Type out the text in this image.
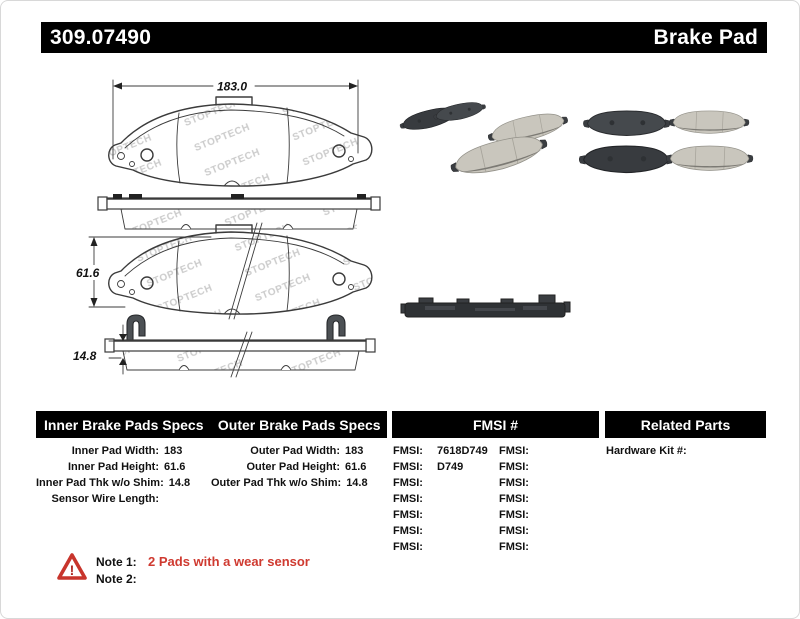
309.07490	Brake Pad
183.0
61.6
14.8
Inner Brake Pads Specs	Outer Brake Pads Specs	FMSI #	Related Parts
Inner Pad Width: 183
Inner Pad Height: 61.6
Inner Pad Thk w/o Shim: 14.8
Sensor Wire Length:
Outer Pad Width: 183
Outer Pad Height: 61.6
Outer Pad Thk w/o Shim: 14.8
FMSI:	7618D749
FMSI:	D749
FMSI:
FMSI:
FMSI:
FMSI:
FMSI:
FMSI:
FMSI:
FMSI:
FMSI:
FMSI:
FMSI:
FMSI:
Hardware Kit #:
! Note 1: 2 Pads with a wear sensor
Note 2:
